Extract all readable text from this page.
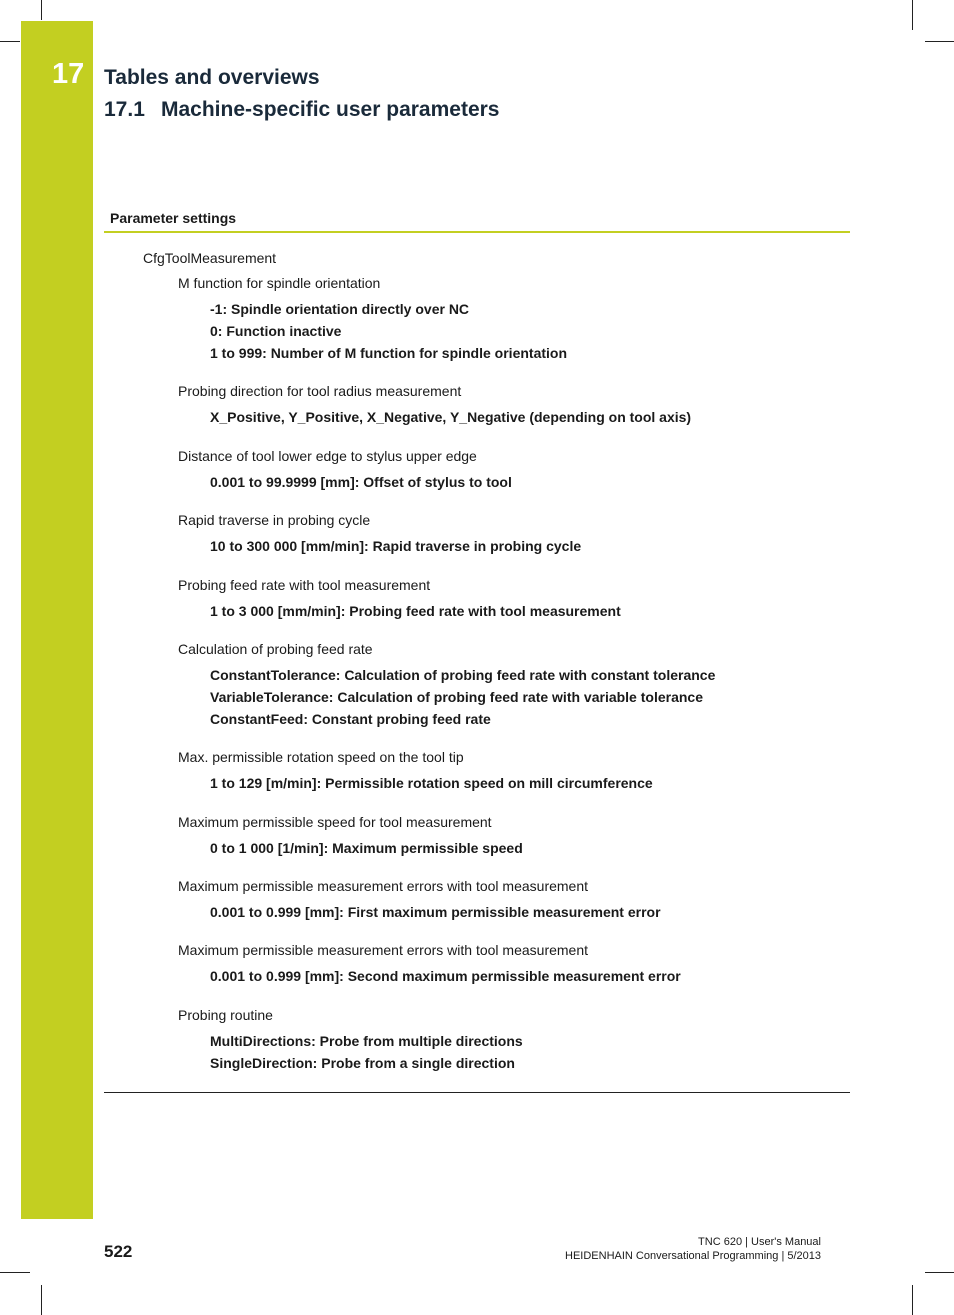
17 Tables and overviews
17.1 Machine-specific user parameters
Parameter settings
CfgToolMeasurement
M function for spindle orientation
-1: Spindle orientation directly over NC
0: Function inactive
1 to 999: Number of M function for spindle orientation
Probing direction for tool radius measurement
X_Positive, Y_Positive, X_Negative, Y_Negative (depending on tool axis)
Distance of tool lower edge to stylus upper edge
0.001 to 99.9999 [mm]: Offset of stylus to tool
Rapid traverse in probing cycle
10 to 300 000 [mm/min]: Rapid traverse in probing cycle
Probing feed rate with tool measurement
1 to 3 000 [mm/min]: Probing feed rate with tool measurement
Calculation of probing feed rate
ConstantTolerance: Calculation of probing feed rate with constant tolerance
VariableTolerance: Calculation of probing feed rate with variable tolerance
ConstantFeed: Constant probing feed rate
Max. permissible rotation speed on the tool tip
1 to 129 [m/min]: Permissible rotation speed on mill circumference
Maximum permissible speed for tool measurement
0 to 1 000 [1/min]: Maximum permissible speed
Maximum permissible measurement errors with tool measurement
0.001 to 0.999 [mm]: First maximum permissible measurement error
Maximum permissible measurement errors with tool measurement
0.001 to 0.999 [mm]: Second maximum permissible measurement error
Probing routine
MultiDirections: Probe from multiple directions
SingleDirection: Probe from a single direction
522	TNC 620 | User's Manual
HEIDENHAIN Conversational Programming | 5/2013
